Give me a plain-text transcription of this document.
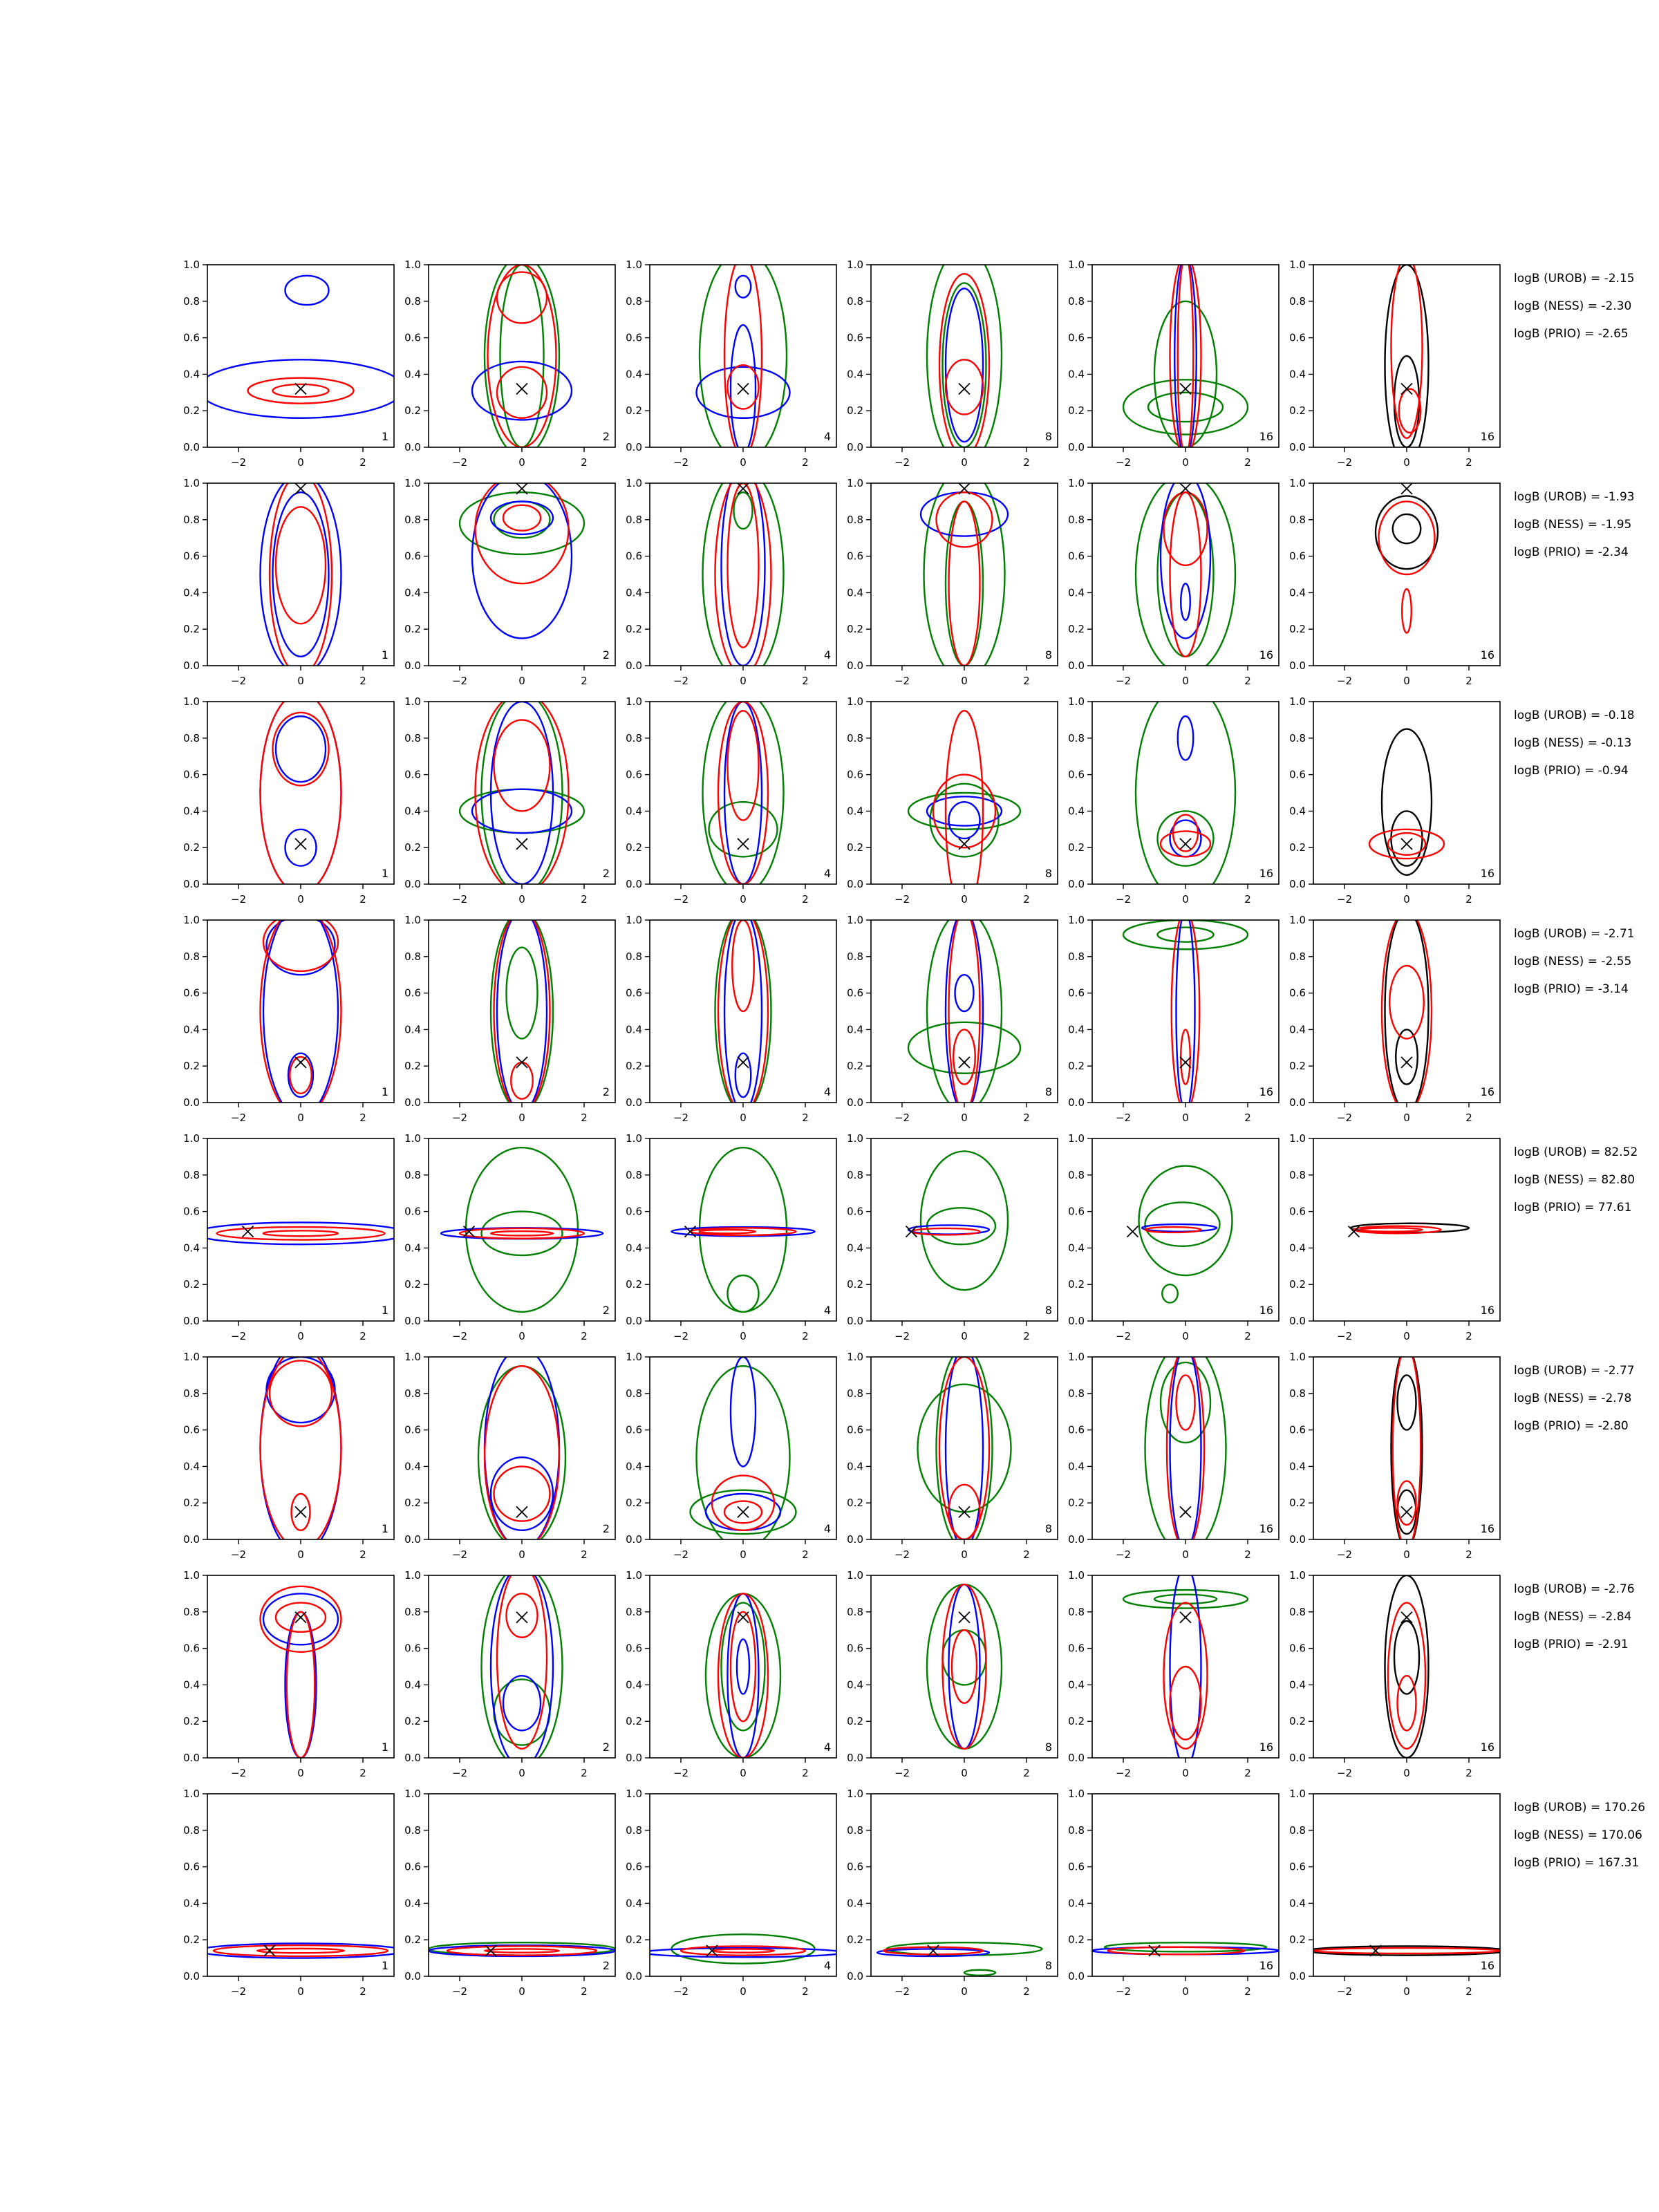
−2	0	2
0.0
0.2
0.4
0.6
0.8
1.0
1
−2	0	2
0.0
0.2
0.4
0.6
0.8
1.0
2
−2	0	2
0.0
0.2
0.4
0.6
0.8
1.0
4
−2	0	2
0.0
0.2
0.4
0.6
0.8
1.0
8
−2	0	2
0.0
0.2
0.4
0.6
0.8
1.0
16
−2	0	2
0.0
0.2
0.4
0.6
0.8
1.0
16
−2	0	2
0.0
0.2
0.4
0.6
0.8
1.0
1
−2	0	2
0.0
0.2
0.4
0.6
0.8
1.0
2
−2	0	2
0.0
0.2
0.4
0.6
0.8
1.0
4
−2	0	2
0.0
0.2
0.4
0.6
0.8
1.0
8
−2	0	2
0.0
0.2
0.4
0.6
0.8
1.0
16
−2	0	2
0.0
0.2
0.4
0.6
0.8
1.0
16
−2	0	2
0.0
0.2
0.4
0.6
0.8
1.0
1
−2	0	2
0.0
0.2
0.4
0.6
0.8
1.0
2
−2	0	2
0.0
0.2
0.4
0.6
0.8
1.0
4
−2	0	2
0.0
0.2
0.4
0.6
0.8
1.0
8
−2	0	2
0.0
0.2
0.4
0.6
0.8
1.0
16
−2	0	2
0.0
0.2
0.4
0.6
0.8
1.0
16
−2	0	2
0.0
0.2
0.4
0.6
0.8
1.0
1
−2	0	2
0.0
0.2
0.4
0.6
0.8
1.0
2
−2	0	2
0.0
0.2
0.4
0.6
0.8
1.0
4
−2	0	2
0.0
0.2
0.4
0.6
0.8
1.0
8
−2	0	2
0.0
0.2
0.4
0.6
0.8
1.0
16
−2	0	2
0.0
0.2
0.4
0.6
0.8
1.0
16
−2	0	2
0.0
0.2
0.4
0.6
0.8
1.0
1
−2	0	2
0.0
0.2
0.4
0.6
0.8
1.0
2
−2	0	2
0.0
0.2
0.4
0.6
0.8
1.0
4
−2	0	2
0.0
0.2
0.4
0.6
0.8
1.0
8
−2	0	2
0.0
0.2
0.4
0.6
0.8
1.0
16
−2	0	2
0.0
0.2
0.4
0.6
0.8
1.0
16
−2	0	2
0.0
0.2
0.4
0.6
0.8
1.0
1
−2	0	2
0.0
0.2
0.4
0.6
0.8
1.0
2
−2	0	2
0.0
0.2
0.4
0.6
0.8
1.0
4
−2	0	2
0.0
0.2
0.4
0.6
0.8
1.0
8
−2	0	2
0.0
0.2
0.4
0.6
0.8
1.0
16
−2	0	2
0.0
0.2
0.4
0.6
0.8
1.0
16
−2	0	2
0.0
0.2
0.4
0.6
0.8
1.0
1
−2	0	2
0.0
0.2
0.4
0.6
0.8
1.0
2
−2	0	2
0.0
0.2
0.4
0.6
0.8
1.0
4
−2	0	2
0.0
0.2
0.4
0.6
0.8
1.0
8
−2	0	2
0.0
0.2
0.4
0.6
0.8
1.0
16
−2	0	2
0.0
0.2
0.4
0.6
0.8
1.0
16
−2	0	2
0.0
0.2
0.4
0.6
0.8
1.0
1
−2	0	2
0.0
0.2
0.4
0.6
0.8
1.0
2
−2	0	2
0.0
0.2
0.4
0.6
0.8
1.0
4
−2	0	2
0.0
0.2
0.4
0.6
0.8
1.0
8
−2	0	2
0.0
0.2
0.4
0.6
0.8
1.0
16
−2	0	2
0.0
0.2
0.4
0.6
0.8
1.0
16
logB (UROB) = -2.15
logB (NESS) = -2.30
logB (PRIO) = -2.65
logB (UROB) = -1.93
logB (NESS) = -1.95
logB (PRIO) = -2.34
logB (UROB) = -0.18
logB (NESS) = -0.13
logB (PRIO) = -0.94
logB (UROB) = -2.71
logB (NESS) = -2.55
logB (PRIO) = -3.14
logB (UROB) = 82.52
logB (NESS) = 82.80
logB (PRIO) = 77.61
logB (UROB) = -2.77
logB (NESS) = -2.78
logB (PRIO) = -2.80
logB (UROB) = -2.76
logB (NESS) = -2.84
logB (PRIO) = -2.91
logB (UROB) = 170.26
logB (NESS) = 170.06
logB (PRIO) = 167.31
